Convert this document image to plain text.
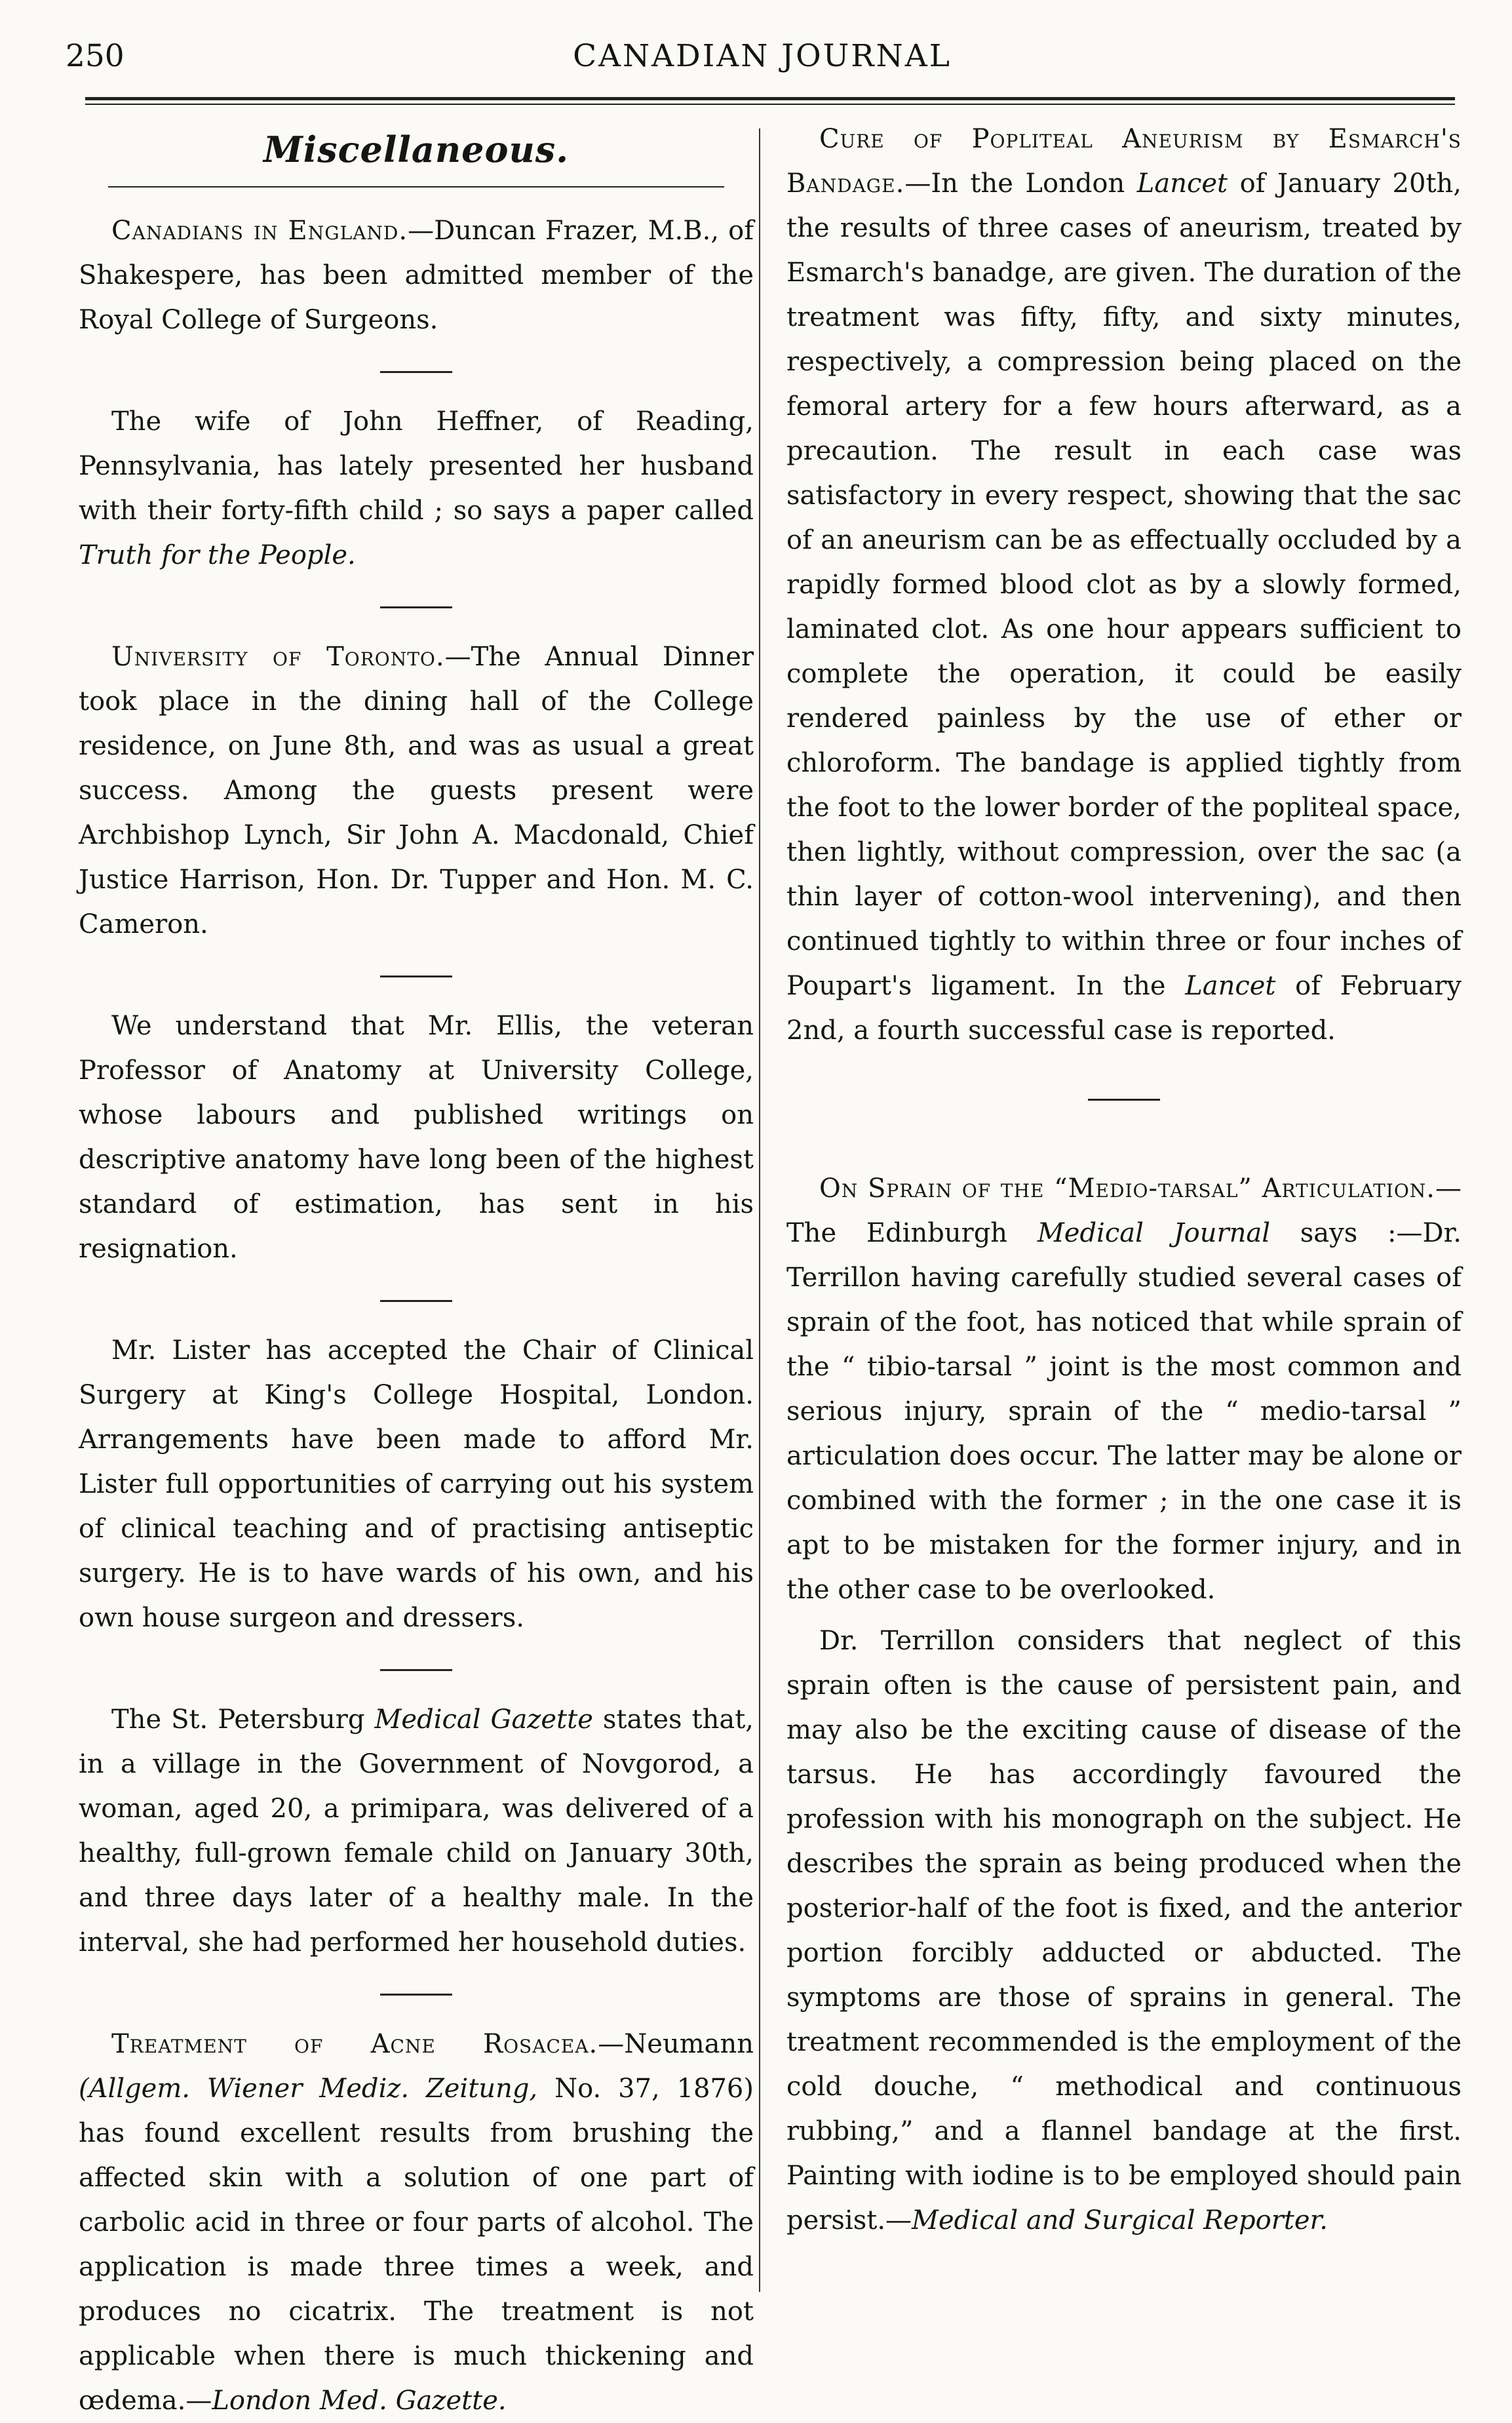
250	CANADIAN JOURNAL
Miscellaneous.

Canadians in England.—Duncan Frazer, M.B., of Shakespere, has been admitted member of the Royal College of Surgeons.

The wife of John Heffner, of Reading, Pennsylvania, has lately presented her husband with their forty-fifth child ; so says a paper called Truth for the People.

University of Toronto.—The Annual Dinner took place in the dining hall of the College residence, on June 8th, and was as usual a great success. Among the guests present were Archbishop Lynch, Sir John A. Macdonald, Chief Justice Harrison, Hon. Dr. Tupper and Hon. M. C. Cameron.

We understand that Mr. Ellis, the veteran Professor of Anatomy at University College, whose labours and published writings on descriptive anatomy have long been of the highest standard of estimation, has sent in his resignation.

Mr. Lister has accepted the Chair of Clinical Surgery at King's College Hospital, London. Arrangements have been made to afford Mr. Lister full opportunities of carrying out his system of clinical teaching and of practising antiseptic surgery. He is to have wards of his own, and his own house surgeon and dressers.

The St. Petersburg Medical Gazette states that, in a village in the Government of Novgorod, a woman, aged 20, a primipara, was delivered of a healthy, full-grown female child on January 30th, and three days later of a healthy male. In the interval, she had performed her household duties.

Treatment of Acne Rosacea.—Neumann (Allgem. Wiener Mediz. Zeitung, No. 37, 1876) has found excellent results from brushing the affected skin with a solution of one part of carbolic acid in three or four parts of alcohol. The application is made three times a week, and produces no cicatrix. The treatment is not applicable when there is much thickening and œdema.—London Med. Gazette.

Cure of Popliteal Aneurism by Esmarch's Bandage.—In the London Lancet of January 20th, the results of three cases of aneurism, treated by Esmarch's banadge, are given. The duration of the treatment was fifty, fifty, and sixty minutes, respectively, a compression being placed on the femoral artery for a few hours afterward, as a precaution. The result in each case was satisfactory in every respect, showing that the sac of an aneurism can be as effectually occluded by a rapidly formed blood clot as by a slowly formed, laminated clot. As one hour appears sufficient to complete the operation, it could be easily rendered painless by the use of ether or chloroform. The bandage is applied tightly from the foot to the lower border of the popliteal space, then lightly, without compression, over the sac (a thin layer of cotton-wool intervening), and then continued tightly to within three or four inches of Poupart's ligament. In the Lancet of February 2nd, a fourth successful case is reported.

On Sprain of the “Medio-tarsal” Articulation.—The Edinburgh Medical Journal says :—Dr. Terrillon having carefully studied several cases of sprain of the foot, has noticed that while sprain of the “ tibio-tarsal ” joint is the most common and serious injury, sprain of the “ medio-tarsal ” articulation does occur. The latter may be alone or combined with the former ; in the one case it is apt to be mistaken for the former injury, and in the other case to be overlooked.

Dr. Terrillon considers that neglect of this sprain often is the cause of persistent pain, and may also be the exciting cause of disease of the tarsus. He has accordingly favoured the profession with his monograph on the subject. He describes the sprain as being produced when the posterior-half of the foot is fixed, and the anterior portion forcibly adducted or abducted. The symptoms are those of sprains in general. The treatment recommended is the employment of the cold douche, “ methodical and continuous rubbing,” and a flannel bandage at the first. Painting with iodine is to be employed should pain persist.—Medical and Surgical Reporter.
